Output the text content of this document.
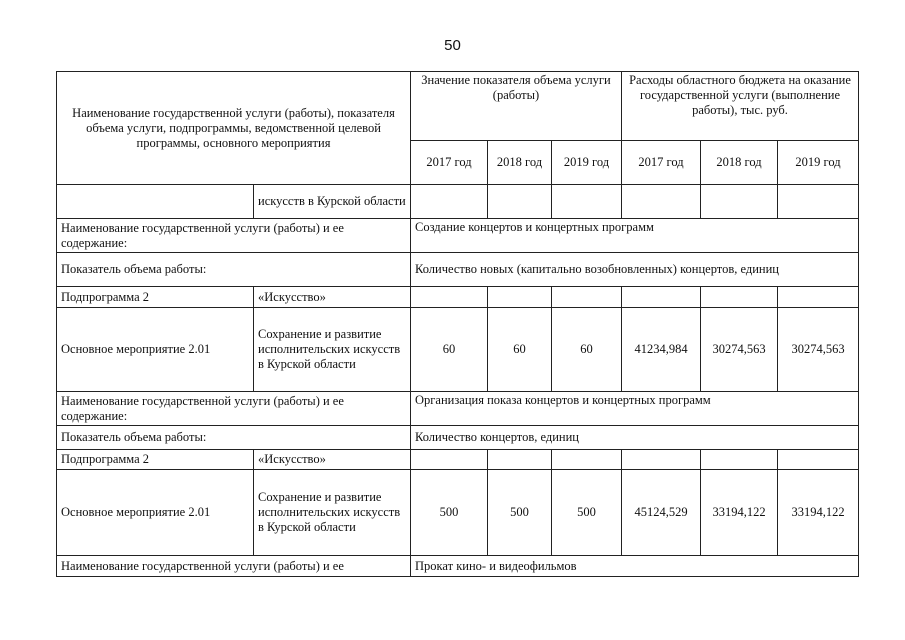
50
Наименование государственной услуги (работы), показателя объема услуги, подпрограммы, ведомственной целевой программы, основного мероприятия		Значение показателя объема услуги (работы)			Расходы областного бюджета на оказание государственной услуги (выполнение работы), тыс. руб.		
		2017 год	2018 год	2019 год	2017 год	2018 год	2019 год
	искусств в Курской области						
Наименование государственной услуги (работы) и ее содержание:		Создание концертов и концертных программ					
Показатель объема работы:		Количество новых (капитально возобновленных) концертов, единиц					
Подпрограмма 2	«Искусство»						
Основное мероприятие 2.01	Сохранение и развитие исполнительских искусств в Курской области	60	60	60	41234,984	30274,563	30274,563
Наименование государственной услуги (работы) и ее содержание:		Организация показа концертов и концертных программ					
Показатель объема работы:		Количество концертов, единиц					
Подпрограмма 2	«Искусство»						
Основное мероприятие 2.01	Сохранение и развитие исполнительских искусств в Курской области	500	500	500	45124,529	33194,122	33194,122
Наименование государственной услуги (работы) и ее		Прокат кино- и видеофильмов					
